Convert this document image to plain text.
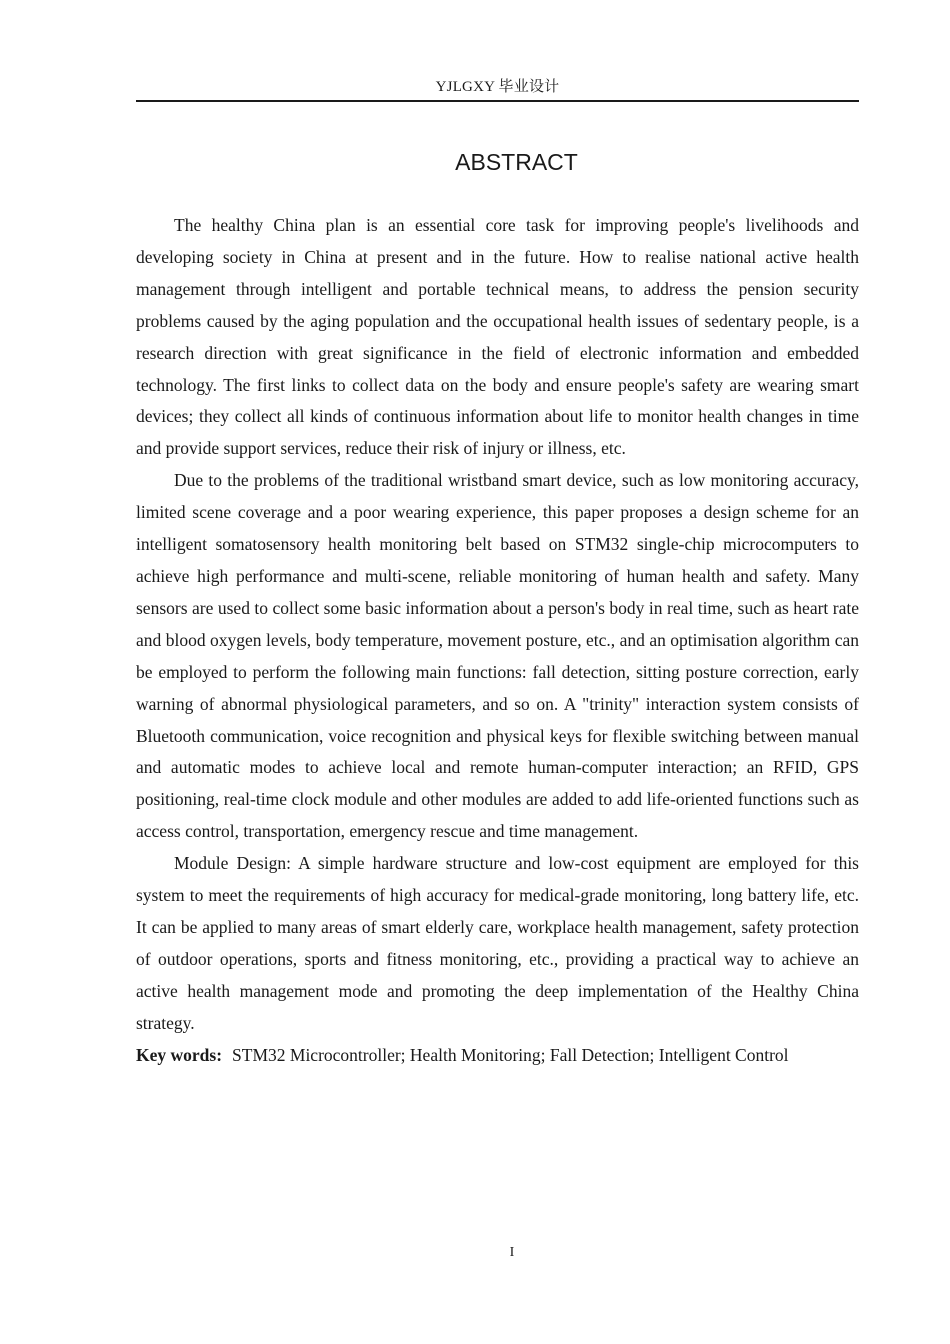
YJLGXY 毕业设计
ABSTRACT

The healthy China plan is an essential core task for improving people's livelihoods and developing society in China at present and in the future. How to realise national active health management through intelligent and portable technical means, to address the pension security problems caused by the aging population and the occupational health issues of sedentary people, is a research direction with great significance in the field of electronic information and embedded technology. The first links to collect data on the body and ensure people's safety are wearing smart devices; they collect all kinds of continuous information about life to monitor health changes in time and provide support services, reduce their risk of injury or illness, etc.

Due to the problems of the traditional wristband smart device, such as low monitoring accuracy, limited scene coverage and a poor wearing experience, this paper proposes a design scheme for an intelligent somatosensory health monitoring belt based on STM32 single-chip microcomputers to achieve high performance and multi-scene, reliable monitoring of human health and safety. Many sensors are used to collect some basic information about a person's body in real time, such as heart rate and blood oxygen levels, body temperature, movement posture, etc., and an optimisation algorithm can be employed to perform the following main functions: fall detection, sitting posture correction, early warning of abnormal physiological parameters, and so on. A "trinity" interaction system consists of Bluetooth communication, voice recognition and physical keys for flexible switching between manual and automatic modes to achieve local and remote human-computer interaction; an RFID, GPS positioning, real-time clock module and other modules are added to add life-oriented functions such as access control, transportation, emergency rescue and time management.

Module Design: A simple hardware structure and low-cost equipment are employed for this system to meet the requirements of high accuracy for medical-grade monitoring, long battery life, etc. It can be applied to many areas of smart elderly care, workplace health management, safety protection of outdoor operations, sports and fitness monitoring, etc., providing a practical way to achieve an active health management mode and promoting the deep implementation of the Healthy China strategy.

Key words: STM32 Microcontroller; Health Monitoring; Fall Detection; Intelligent Control

I
